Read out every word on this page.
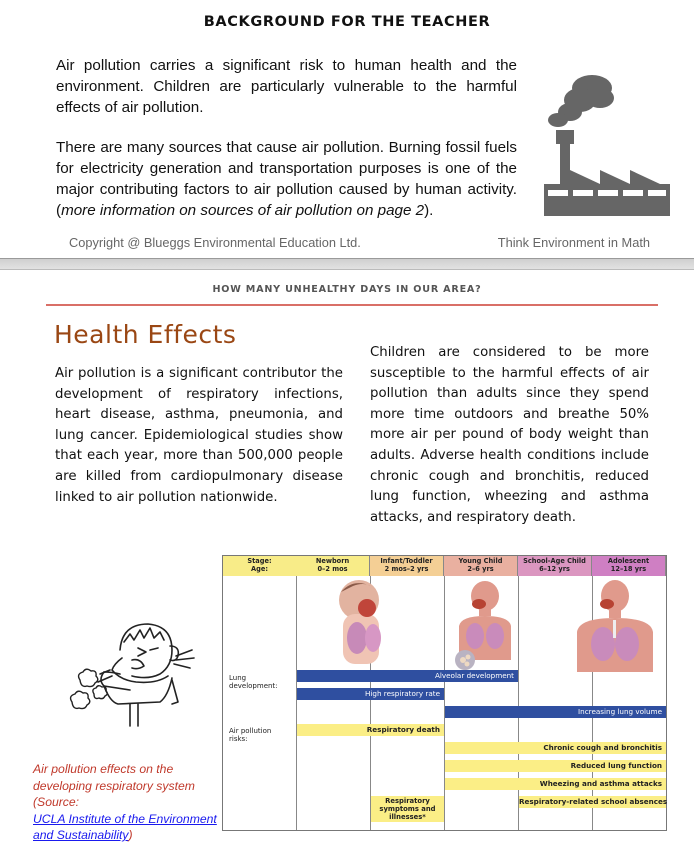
BACKGROUND FOR THE TEACHER
Air pollution carries a significant risk to human health and the environment. Children are particularly vulnerable to the harmful effects of air pollution.
There are many sources that cause air pollution. Burning fossil fuels for electricity generation and transportation purposes is one of the major contributing factors to air pollution caused by human activity. (more information on sources of air pollution on page 2).
Copyright @ Blueggs Environmental Education Ltd.	Think Environment in Math
HOW MANY UNHEALTHY DAYS IN OUR AREA?
Health Effects
Air pollution is a significant contributor the development of respiratory infections, heart disease, asthma, pneumonia, and lung cancer. Epidemiological studies show that each year, more than 500,000 people are killed from cardiopulmonary disease linked to air pollution nationwide.
Children are considered to be more susceptible to the harmful effects of air pollution than adults since they spend more time outdoors and breathe 50% more air per pound of body weight than adults. Adverse health conditions include chronic cough and bronchitis, reduced lung function, wheezing and asthma attacks, and respiratory death.
Air pollution effects on the developing respiratory system
(Source:
UCLA Institute of the Environment and Sustainability)
Stage:
Age:
Lung development:
Air pollution risks:
Newborn
0–2 mos
Infant/Toddler
2 mos–2 yrs
Young Child
2–6 yrs
School-Age Child
6–12 yrs
Adolescent
12–18 yrs
Alveolar development
High respiratory rate
Increasing lung volume
Respiratory death
Chronic cough and bronchitis
Reduced lung function
Wheezing and asthma attacks
Respiratory symptoms and illnesses*
Respiratory-related school absences
